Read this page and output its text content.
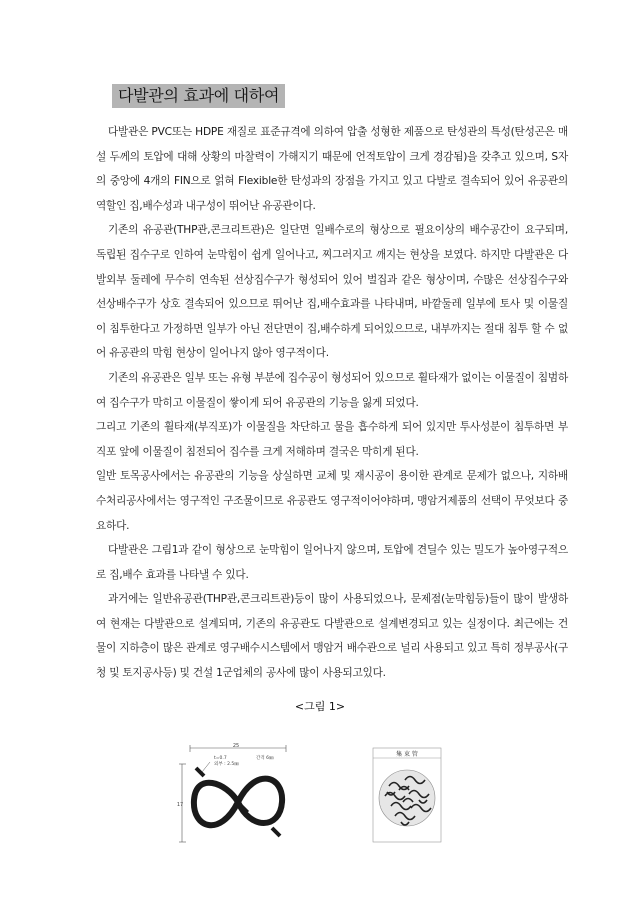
다발관의 효과에 대하여

다발관은 PVC또는 HDPE 재질로 표준규격에 의하여 압출 성형한 제품으로 탄성관의 특성(탄성곤은 매설 두께의 토압에 대해 상황의 마찰력이 가해지기 때문에 언적토압이 크게 경감됨)을 갖추고 있으며, S자의 중앙에 4개의 FIN으로 얽혀 Flexible한 탄성과의 장점을 가지고 있고 다발로 결속되어 있어 유공관의 역할인 집,배수성과 내구성이 뛰어난 유공관이다.

기존의 유공관(THP관,콘크리트관)은 일단면 일배수로의 형상으로 필요이상의 배수공간이 요구되며, 독립된 집수구로 인하여 눈막힘이 쉽게 일어나고, 찌그러지고 깨지는 현상을 보였다. 하지만 다발관은 다발외부 둘레에 무수히 연속된 선상집수구가 형성되어 있어 벌집과 같은 형상이며, 수많은 선상집수구와 선상배수구가 상호 결속되어 있으므로 뛰어난 집,배수효과를 나타내며, 바깥둘레 일부에 토사 및 이물질이 침투한다고 가정하면 일부가 아닌 전단면이 집,배수하게 되어있으므로, 내부까지는 절대 침투 할 수 없어 유공관의 막힘 현상이 일어나지 않아 영구적이다.

기존의 유공관은 일부 또는 유형 부분에 집수공이 형성되어 있으므로 휠타재가 없이는 이물질이 침범하여 집수구가 막히고 이물질이 쌓이게 되어 유공관의 기능을 잃게 되었다.

그리고 기존의 휠타재(부직포)가 이물질을 차단하고 물을 흡수하게 되어 있지만 투사성분이 침투하면 부직포 앞에 이물질이 침전되어 집수를 크게 저해하며 결국은 막히게 된다.

일반 토목공사에서는 유공관의 기능을 상실하면 교체 및 재시공이 용이한 관계로 문제가 없으나, 지하배수처리공사에서는 영구적인 구조물이므로 유공관도 영구적이어야하며, 맹암거제품의 선택이 무엇보다 중요하다.

다발관은 그림1과 같이 형상으로 눈막힘이 일어나지 않으며, 토압에 견딜수 있는 밀도가 높아영구적으로 집,배수 효과를 나타낼 수 있다.

과거에는 일반유공관(THP관,콘크리트관)등이 많이 사용되었으나, 문제점(눈막힘등)들이 많이 발생하여 현재는 다발관으로 설계되며, 기존의 유공관도 다발관으로 설계변경되고 있는 실정이다. 최근에는 건물이 지하층이 많은 관계로 영구배수시스템에서 맹암거 배수관으로 널리 사용되고 있고 특히 정부공사(구청 및 토지공사등) 및 건설 1군업체의 공사에 많이 사용되고있다.

<그림 1>
25
17
t=0.7
외부 : 2.5㎜
간격 6㎜
集 束 管
